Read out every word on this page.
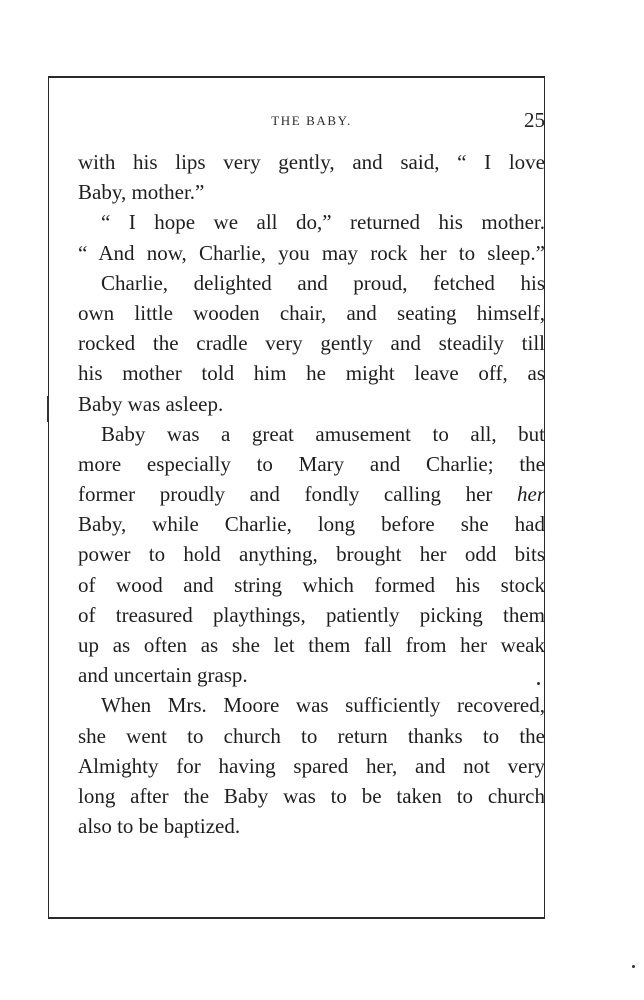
THE BABY.	25
with his lips very gently, and said, “ I love
Baby, mother.”
“ I hope we all do,” returned his mother.
“ And now, Charlie, you may rock her to sleep.”
Charlie, delighted and proud, fetched his
own little wooden chair, and seating himself,
rocked the cradle very gently and steadily till
his mother told him he might leave off, as
Baby was asleep.
Baby was a great amusement to all, but
more especially to Mary and Charlie; the
former proudly and fondly calling her her
Baby, while Charlie, long before she had
power to hold anything, brought her odd bits
of wood and string which formed his stock
of treasured playthings, patiently picking them
up as often as she let them fall from her weak
and uncertain grasp.
When Mrs. Moore was sufficiently recovered,
she went to church to return thanks to the
Almighty for having spared her, and not very
long after the Baby was to be taken to church
also to be baptized.
